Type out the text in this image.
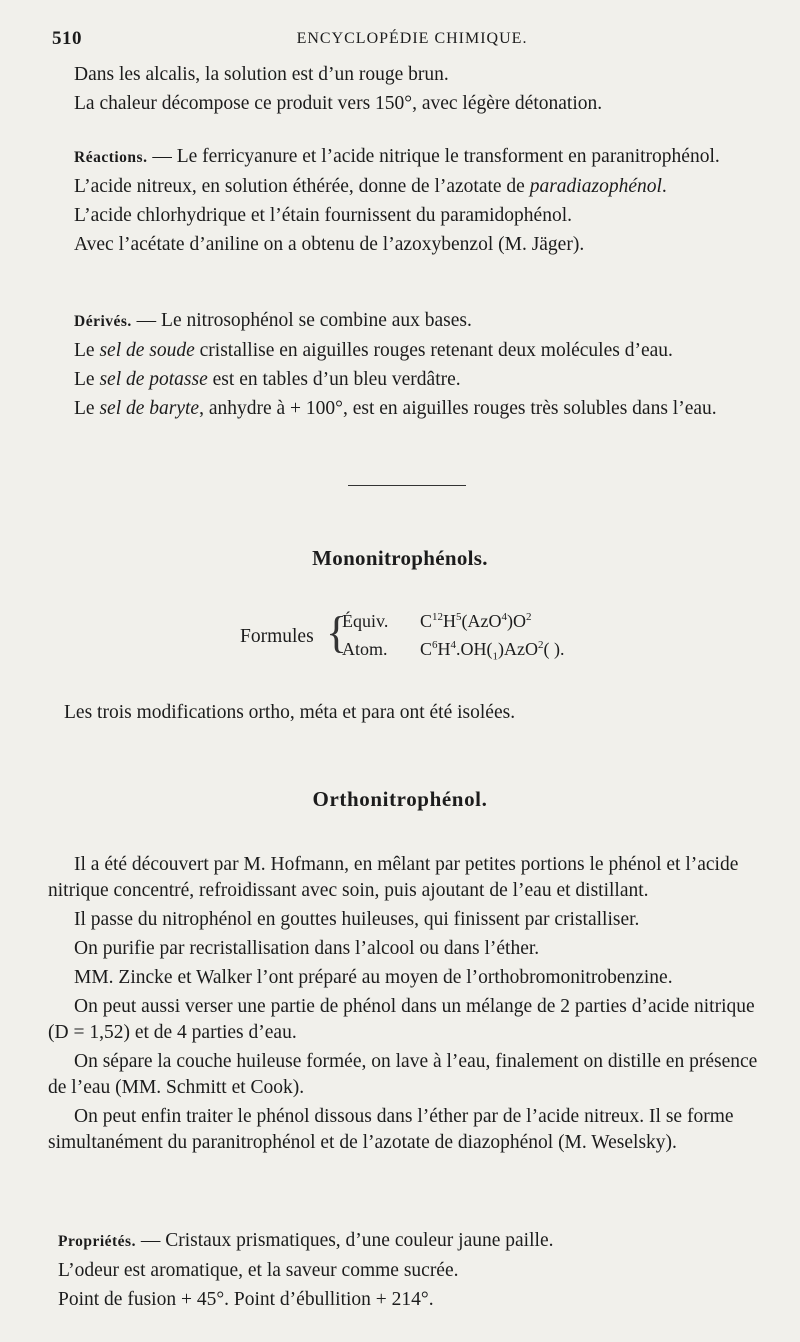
510	ENCYCLOPÉDIE CHIMIQUE.

Dans les alcalis, la solution est d’un rouge brun.

La chaleur décompose ce produit vers 150°, avec légère détonation.

Réactions. — Le ferricyanure et l’acide nitrique le transforment en paranitrophénol.

L’acide nitreux, en solution éthérée, donne de l’azotate de paradiazophénol.

L’acide chlorhydrique et l’étain fournissent du paramidophénol.

Avec l’acétate d’aniline on a obtenu de l’azoxybenzol (M. Jäger).

Dérivés. — Le nitrosophénol se combine aux bases.

Le sel de soude cristallise en aiguilles rouges retenant deux molécules d’eau.

Le sel de potasse est en tables d’un bleu verdâtre.

Le sel de baryte, anhydre à + 100°, est en aiguilles rouges très solubles dans l’eau.

Mononitrophénols.
Formules {
Équiv. $C^{12}H^5(AzO^4)O^2$
Atom. $C^6H^4.OH(_1)AzO^2$( ).

Les trois modifications ortho, méta et para ont été isolées.

Orthonitrophénol.

Il a été découvert par M. Hofmann, en mêlant par petites portions le phénol et l’acide nitrique concentré, refroidissant avec soin, puis ajoutant de l’eau et distillant.

Il passe du nitrophénol en gouttes huileuses, qui finissent par cristalliser.

On purifie par recristallisation dans l’alcool ou dans l’éther.

MM. Zincke et Walker l’ont préparé au moyen de l’orthobromonitrobenzine.

On peut aussi verser une partie de phénol dans un mélange de 2 parties d’acide nitrique (D = 1,52) et de 4 parties d’eau.

On sépare la couche huileuse formée, on lave à l’eau, finalement on distille en présence de l’eau (MM. Schmitt et Cook).

On peut enfin traiter le phénol dissous dans l’éther par de l’acide nitreux. Il se forme simultanément du paranitrophénol et de l’azotate de diazophénol (M. Weselsky).

Propriétés. — Cristaux prismatiques, d’une couleur jaune paille.

L’odeur est aromatique, et la saveur comme sucrée.

Point de fusion + 45°. Point d’ébullition + 214°.
